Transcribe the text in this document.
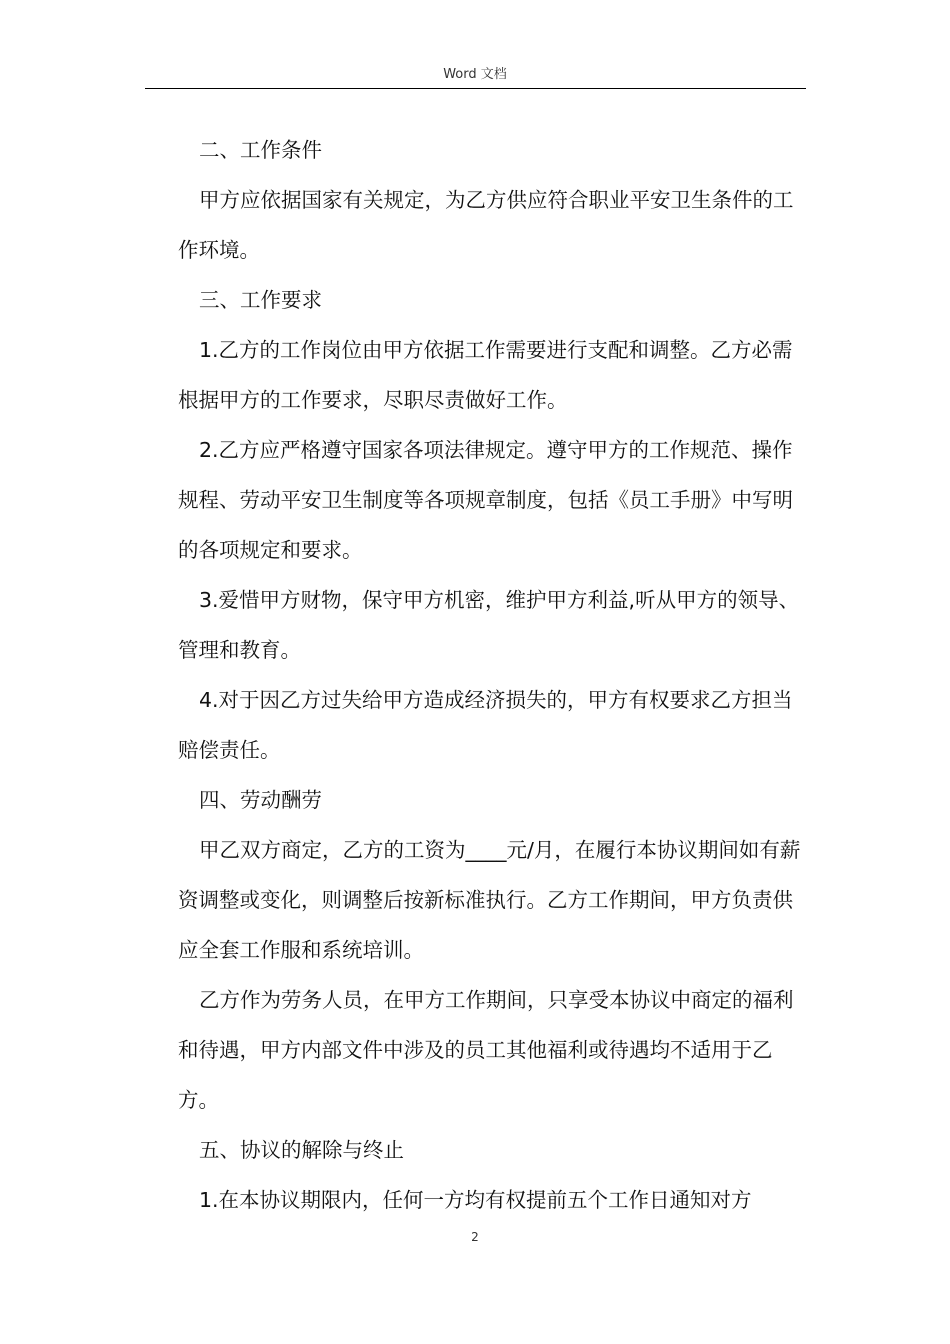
Word 文档

二、工作条件

甲方应依据国家有关规定，为乙方供应符合职业平安卫生条件的工作环境。

三、工作要求

1.乙方的工作岗位由甲方依据工作需要进行支配和调整。乙方必需根据甲方的工作要求，尽职尽责做好工作。

2.乙方应严格遵守国家各项法律规定。遵守甲方的工作规范、操作规程、劳动平安卫生制度等各项规章制度，包括《员工手册》中写明的各项规定和要求。

3.爱惜甲方财物，保守甲方机密，维护甲方利益,听从甲方的领导、管理和教育。

4.对于因乙方过失给甲方造成经济损失的，甲方有权要求乙方担当赔偿责任。

四、劳动酬劳

甲乙双方商定，乙方的工资为____元/月，在履行本协议期间如有薪资调整或变化，则调整后按新标准执行。乙方工作期间，甲方负责供应全套工作服和系统培训。

乙方作为劳务人员，在甲方工作期间，只享受本协议中商定的福利和待遇，甲方内部文件中涉及的员工其他福利或待遇均不适用于乙方。

五、协议的解除与终止

1.在本协议期限内，任何一方均有权提前五个工作日通知对方

2
